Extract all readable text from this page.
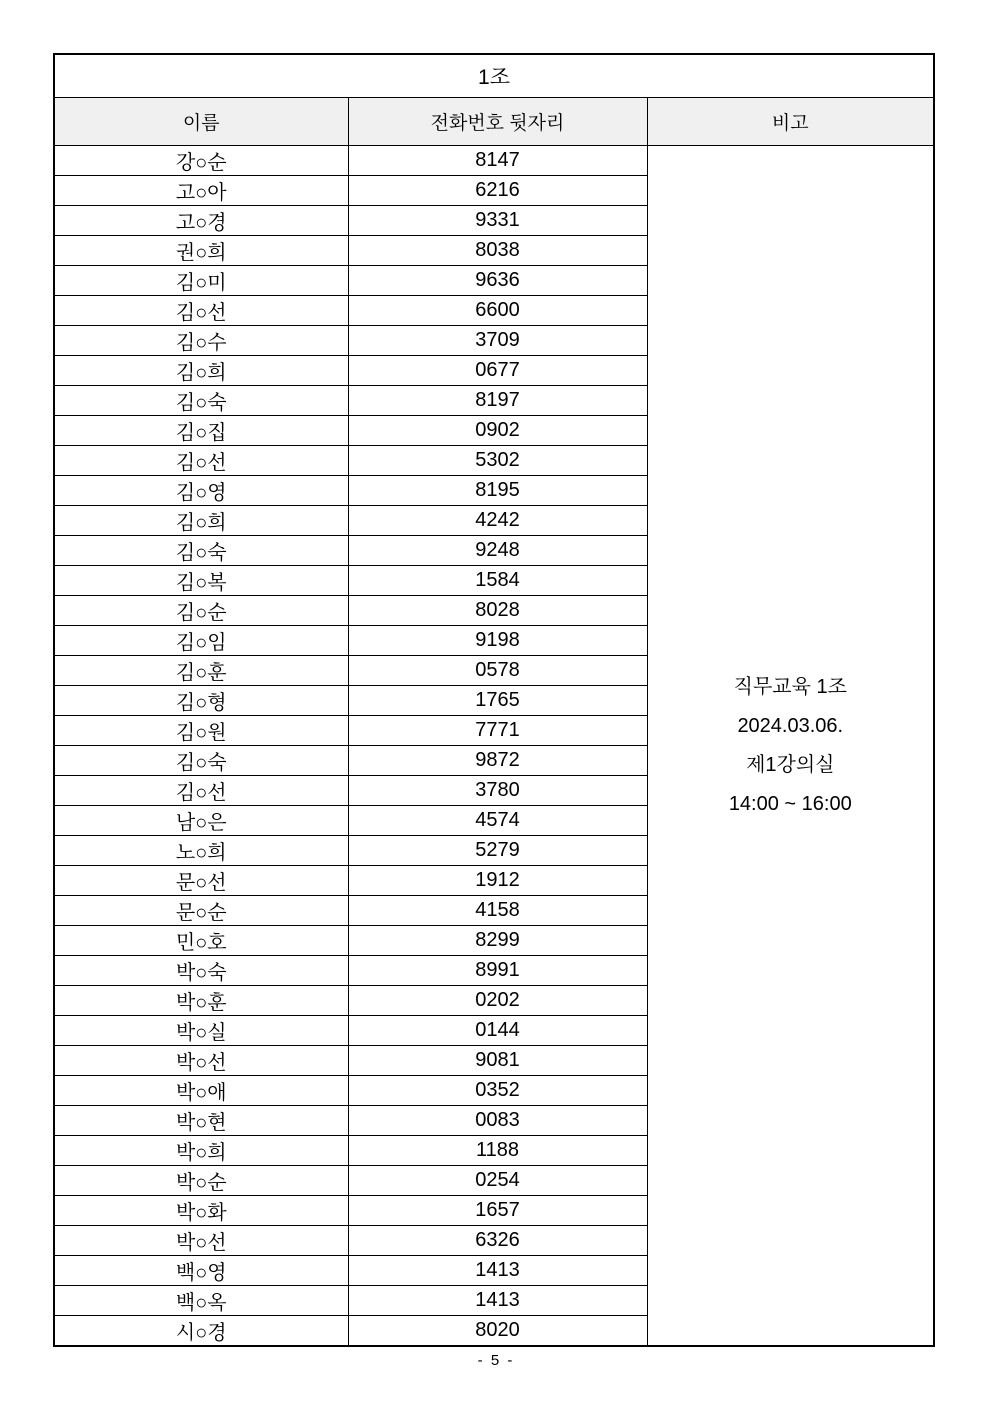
1조		
이름	전화번호 뒷자리	비고
강○순	8147	직무교육 1조
2024.03.06.
제1강의실
14:00 ~ 16:00

고○아	6216	
고○경	9331	
권○희	8038	
김○미	9636	
김○선	6600	
김○수	3709	
김○희	0677	
김○숙	8197	
김○집	0902	
김○선	5302	
김○영	8195	
김○희	4242	
김○숙	9248	
김○복	1584	
김○순	8028	
김○임	9198	
김○훈	0578	
김○형	1765	
김○원	7771	
김○숙	9872	
김○선	3780	
남○은	4574	
노○희	5279	
문○선	1912	
문○순	4158	
민○호	8299	
박○숙	8991	
박○훈	0202	
박○실	0144	
박○선	9081	
박○애	0352	
박○현	0083	
박○희	1188	
박○순	0254	
박○화	1657	
박○선	6326	
백○영	1413	
백○옥	1413	
시○경	8020	
- 5 -
